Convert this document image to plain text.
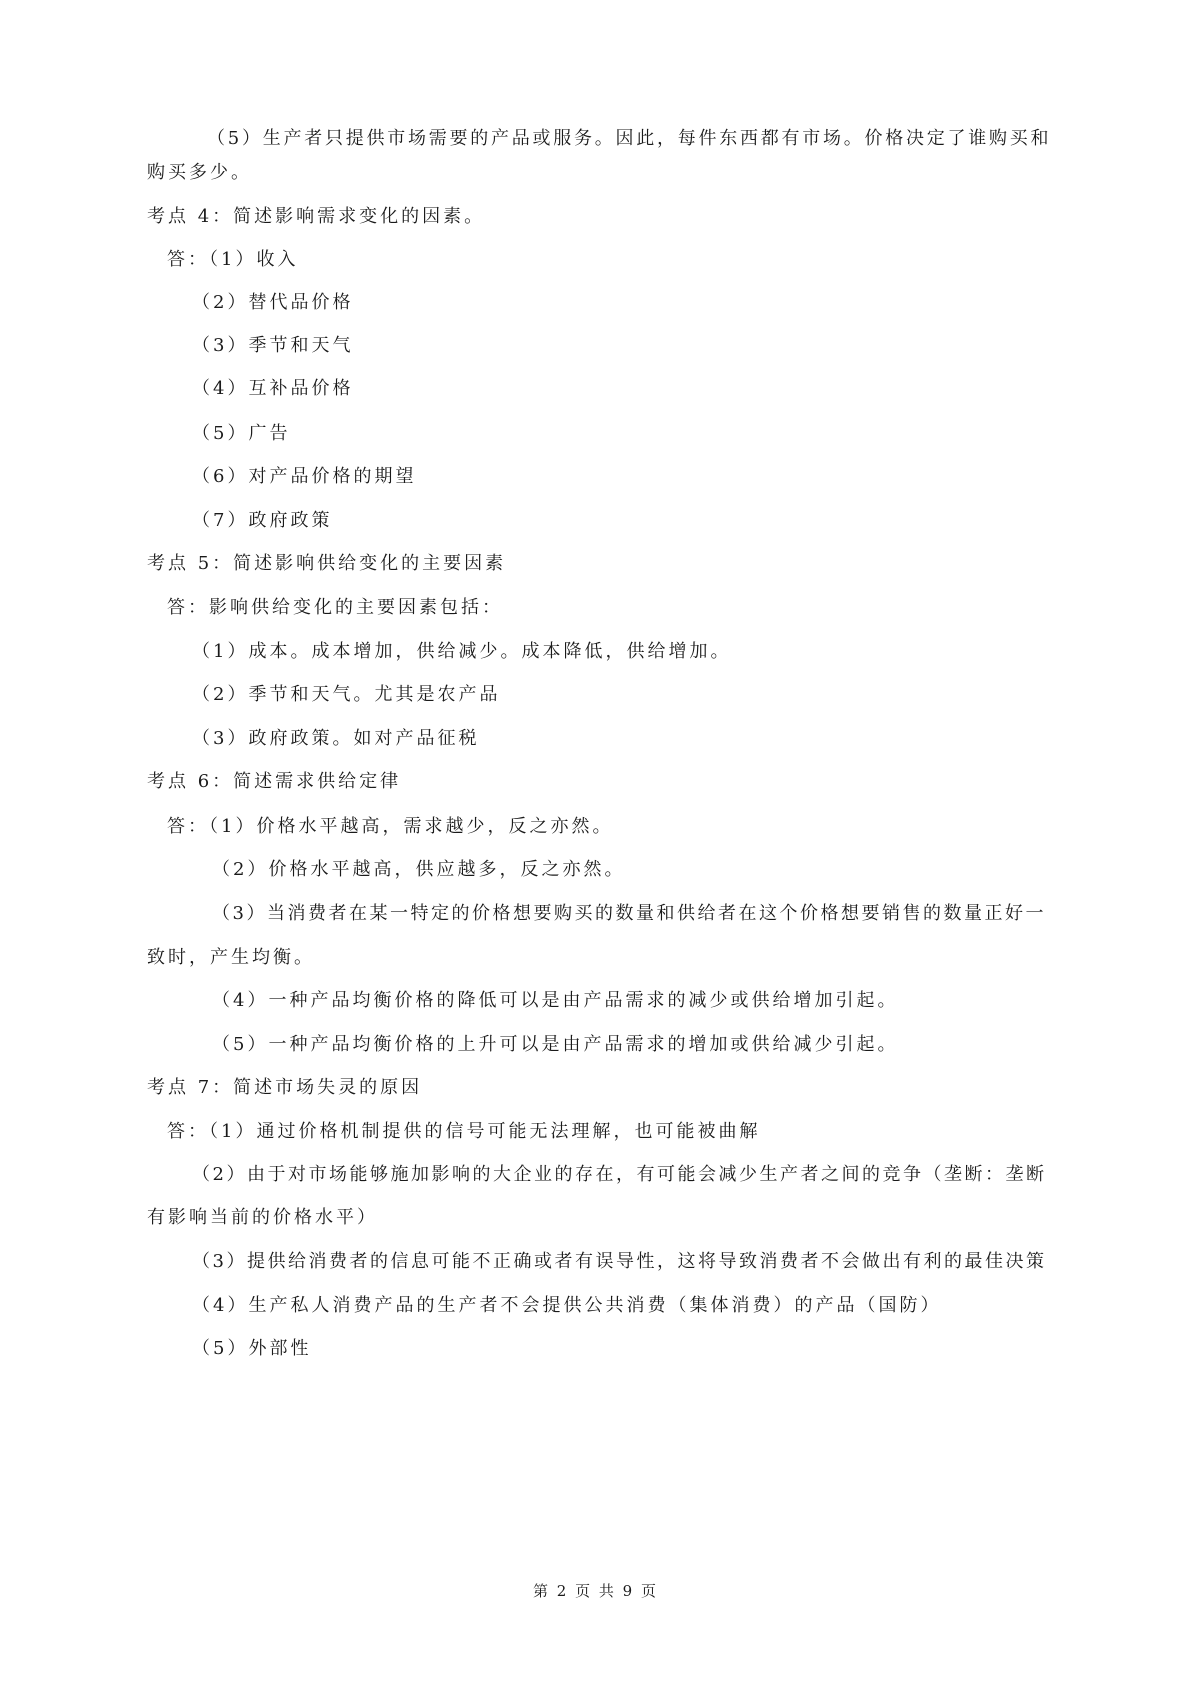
（5）生产者只提供市场需要的产品或服务。因此，每件东西都有市场。价格决定了谁购买和
购买多少。
考点 4：简述影响需求变化的因素。
答：（1）收入
（2）替代品价格
（3）季节和天气
（4）互补品价格
（5）广告
（6）对产品价格的期望
（7）政府政策
考点 5：简述影响供给变化的主要因素
答：影响供给变化的主要因素包括：
（1）成本。成本增加，供给减少。成本降低，供给增加。
（2）季节和天气。尤其是农产品
（3）政府政策。如对产品征税
考点 6：简述需求供给定律
答：（1）价格水平越高，需求越少，反之亦然。
（2）价格水平越高，供应越多，反之亦然。
（3）当消费者在某一特定的价格想要购买的数量和供给者在这个价格想要销售的数量正好一
致时，产生均衡。
（4）一种产品均衡价格的降低可以是由产品需求的减少或供给增加引起。
（5）一种产品均衡价格的上升可以是由产品需求的增加或供给减少引起。
考点 7：简述市场失灵的原因
答：（1）通过价格机制提供的信号可能无法理解，也可能被曲解
（2）由于对市场能够施加影响的大企业的存在，有可能会减少生产者之间的竞争（垄断：垄断
有影响当前的价格水平）
（3）提供给消费者的信息可能不正确或者有误导性，这将导致消费者不会做出有利的最佳决策
（4）生产私人消费产品的生产者不会提供公共消费（集体消费）的产品（国防）
（5）外部性
第 2 页 共 9 页
